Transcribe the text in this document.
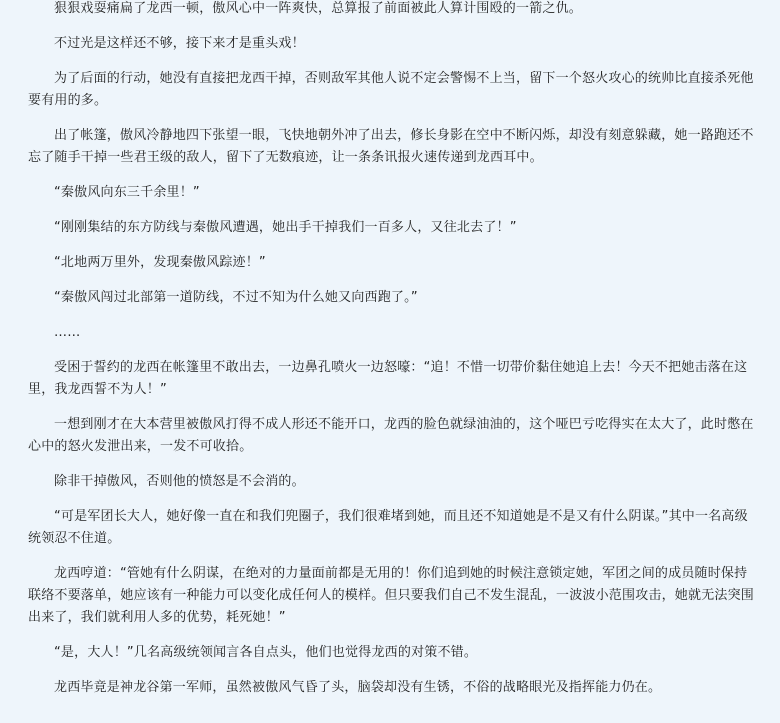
狠狠戏耍痛扁了龙西一顿，傲风心中一阵爽快，总算报了前面被此人算计围殴的一箭之仇。

不过光是这样还不够，接下来才是重头戏！

为了后面的行动，她没有直接把龙西干掉，否则敌军其他人说不定会警惕不上当，留下一个怒火攻心的统帅比直接杀死他要有用的多。

出了帐篷，傲风冷静地四下张望一眼，飞快地朝外冲了出去，修长身影在空中不断闪烁，却没有刻意躲藏，她一路跑还不忘了随手干掉一些君王级的敌人，留下了无数痕迹，让一条条讯报火速传递到龙西耳中。

“秦傲风向东三千余里！”

“刚刚集结的东方防线与秦傲风遭遇，她出手干掉我们一百多人，又往北去了！”

“北地两万里外，发现秦傲风踪迹！”

“秦傲风闯过北部第一道防线，不过不知为什么她又向西跑了。”

……

受困于誓约的龙西在帐篷里不敢出去，一边鼻孔喷火一边怒嚎：“追！不惜一切带价黏住她追上去！今天不把她击落在这里，我龙西誓不为人！”

一想到刚才在大本营里被傲风打得不成人形还不能开口，龙西的脸色就绿油油的，这个哑巴亏吃得实在太大了，此时憋在心中的怒火发泄出来，一发不可收拾。

除非干掉傲风，否则他的愤怒是不会消的。

“可是军团长大人，她好像一直在和我们兜圈子，我们很难堵到她，而且还不知道她是不是又有什么阴谋。”其中一名高级统领忍不住道。

龙西哼道：“管她有什么阴谋，在绝对的力量面前都是无用的！你们追到她的时候注意锁定她，军团之间的成员随时保持联络不要落单，她应该有一种能力可以变化成任何人的模样。但只要我们自己不发生混乱，一波波小范围攻击，她就无法突围出来了，我们就利用人多的优势，耗死她！”

“是，大人！”几名高级统领闻言各自点头，他们也觉得龙西的对策不错。

龙西毕竟是神龙谷第一军师，虽然被傲风气昏了头，脑袋却没有生锈，不俗的战略眼光及指挥能力仍在。
